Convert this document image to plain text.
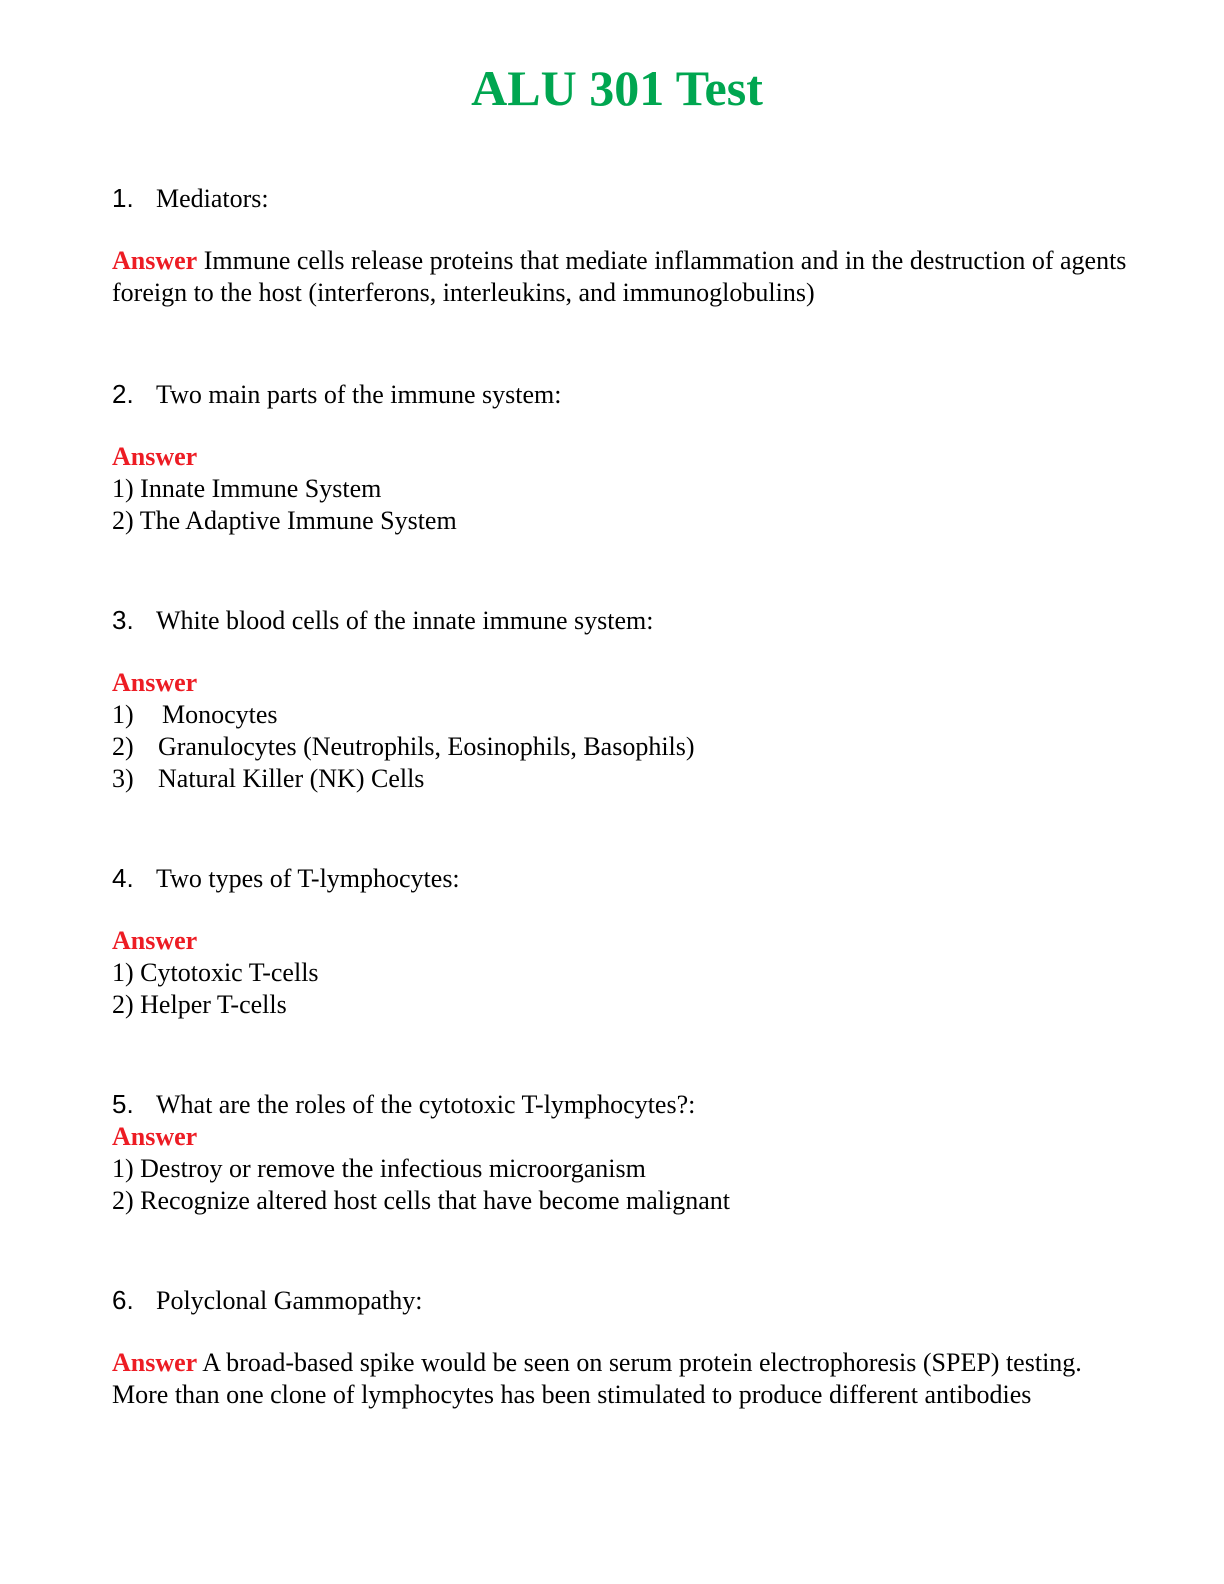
ALU 301 Test
1. Mediators:
Answer Immune cells release proteins that mediate inflammation and in the destruction of agents foreign to the host (interferons, interleukins, and immunoglobulins)
2. Two main parts of the immune system:
Answer
1) Innate Immune System
2) The Adaptive Immune System
3. White blood cells of the innate immune system:
Answer
1) Monocytes
2) Granulocytes (Neutrophils, Eosinophils, Basophils)
3) Natural Killer (NK) Cells
4. Two types of T-lymphocytes:
Answer
1) Cytotoxic T-cells
2) Helper T-cells
5. What are the roles of the cytotoxic T-lymphocytes?:
Answer
1) Destroy or remove the infectious microorganism
2) Recognize altered host cells that have become malignant
6. Polyclonal Gammopathy:
Answer A broad-based spike would be seen on serum protein electrophoresis (SPEP) testing. More than one clone of lymphocytes has been stimulated to produce different antibodies
